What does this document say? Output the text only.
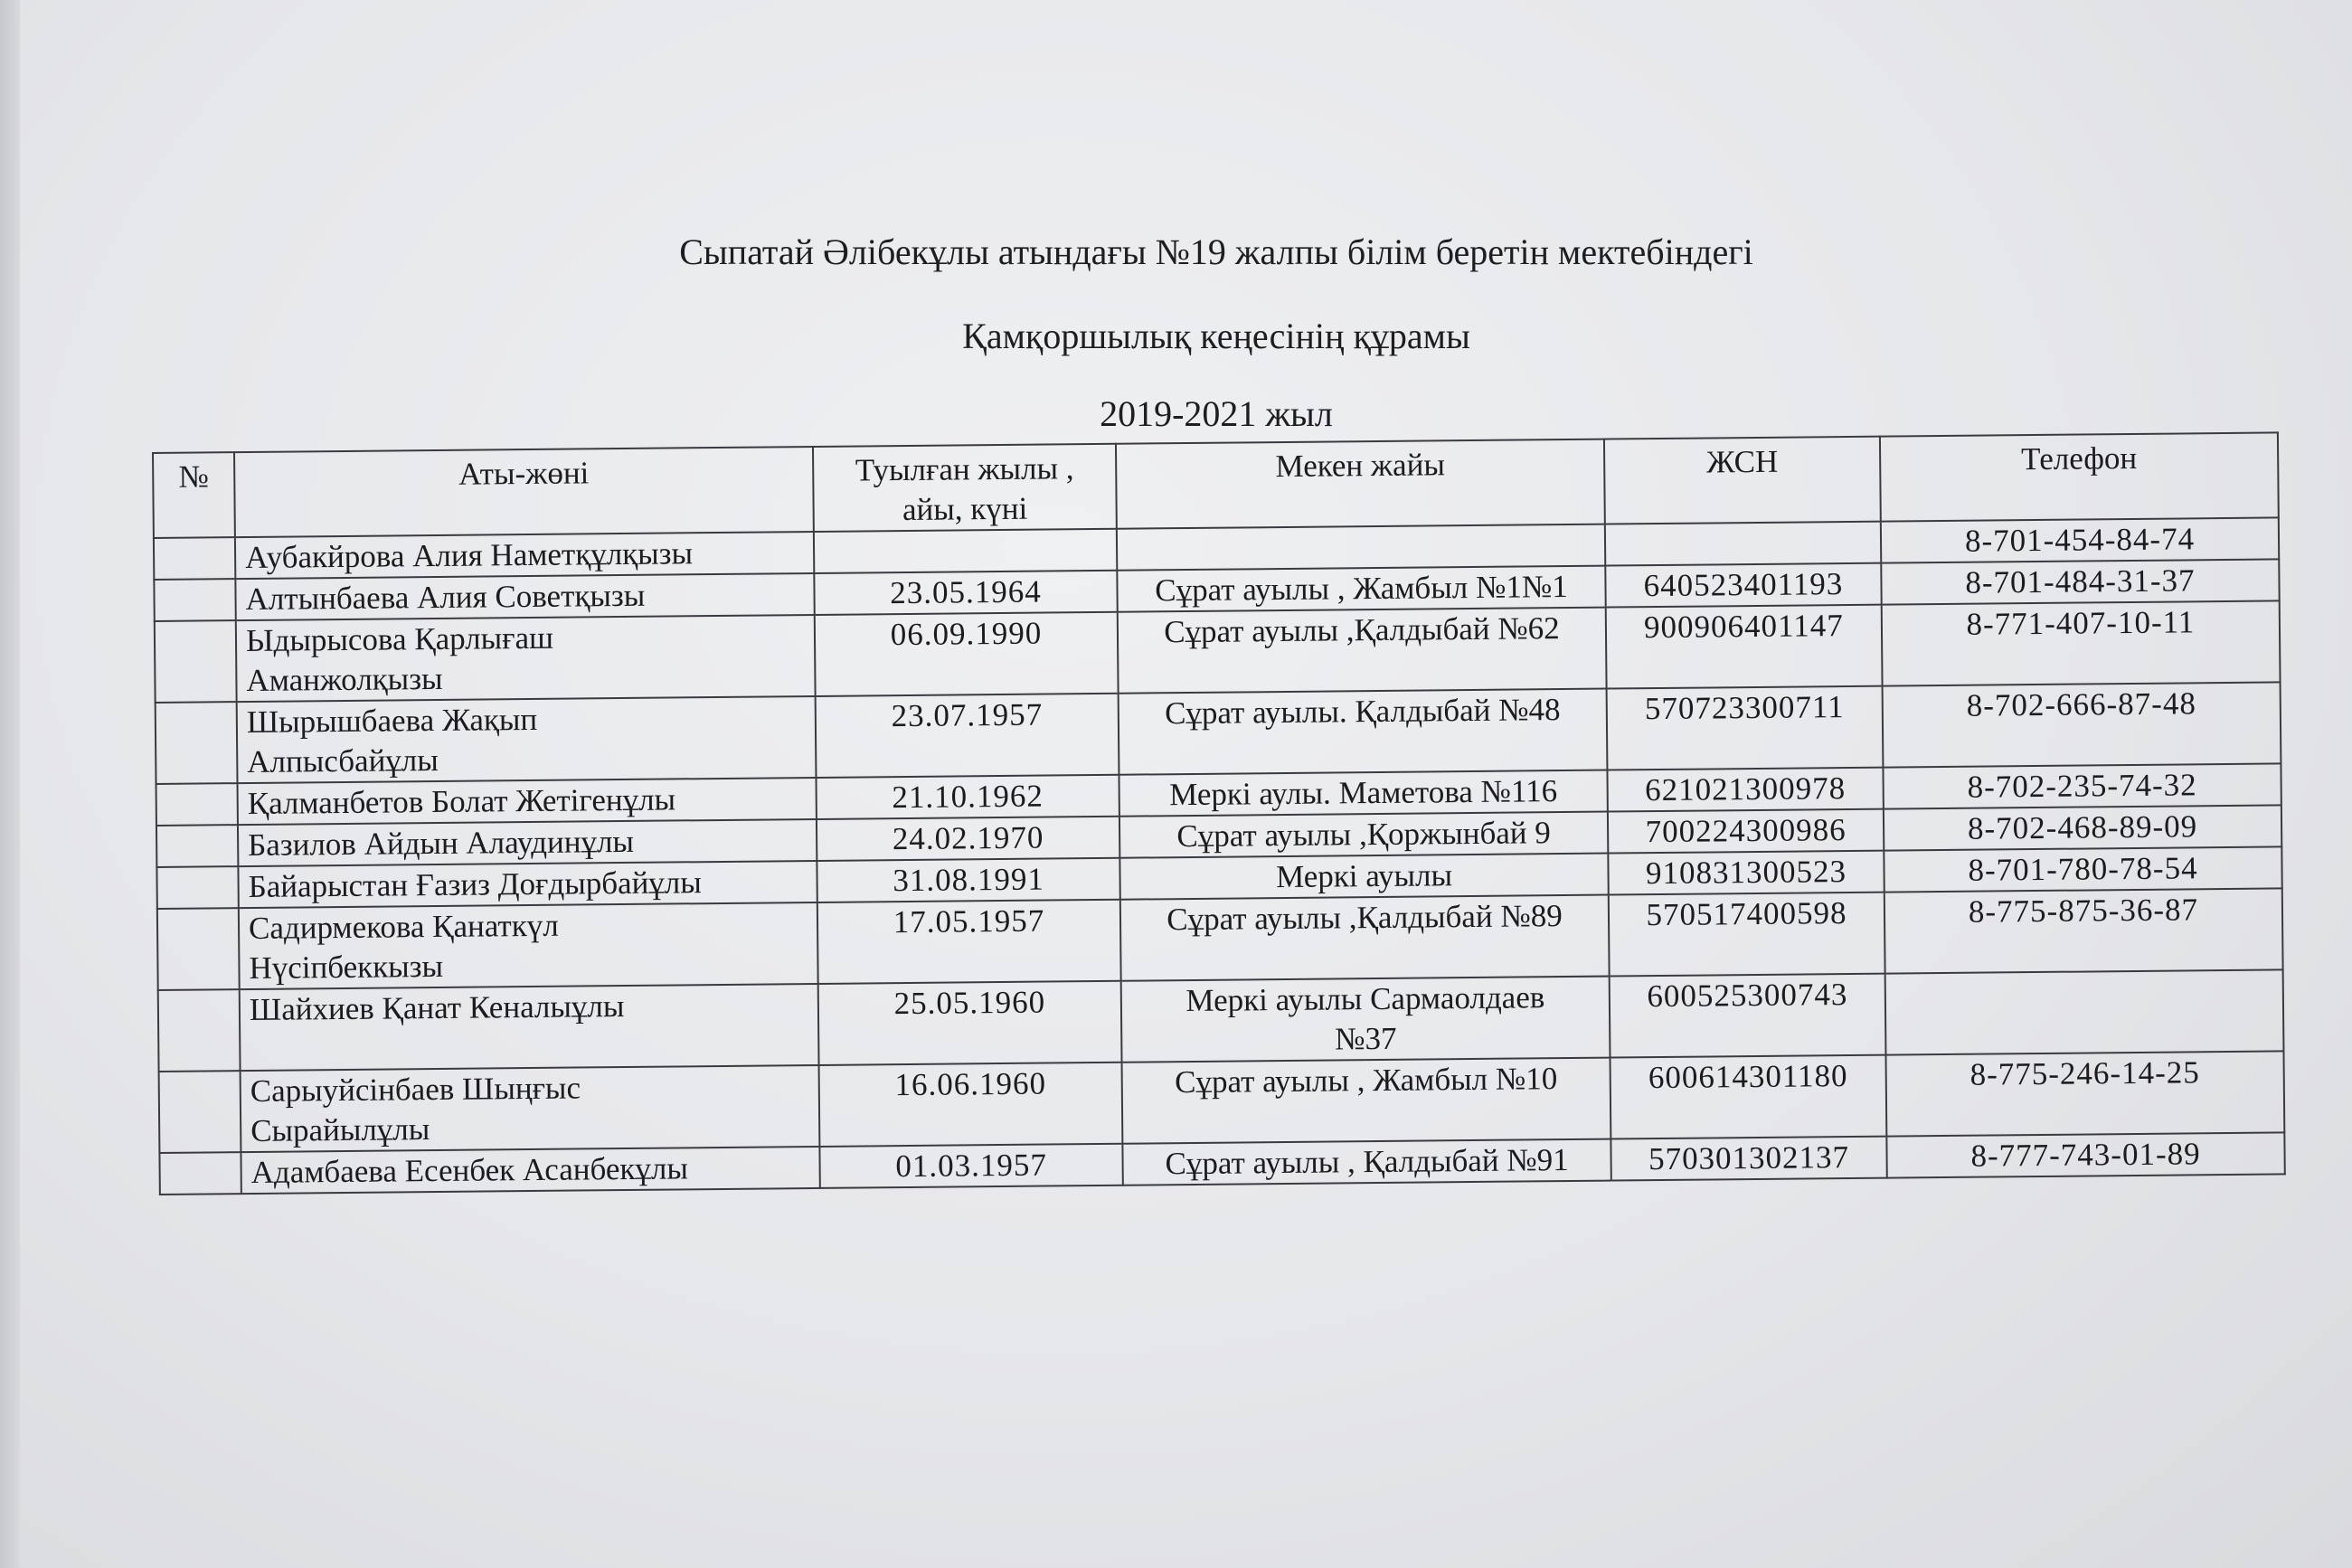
Сыпатай Әлібекұлы атындағы №19 жалпы білім беретін мектебіндегі
Қамқоршылық кеңесінің құрамы
2019-2021 жыл
№	Аты-жөні	Туылған жылы ,
айы, күні	Мекен жайы	ЖСН	Телефон

	Аубакйрова Алия Наметқұлқызы				8-701-454-84-74

	Алтынбаева Алия Советқызы	23.05.1964	Сұрат ауылы , Жамбыл №1№1	640523401193	8-701-484-31-37

	Ыдырысова Қарлығаш
Аманжолқызы	06.09.1990	Сұрат ауылы ,Қалдыбай №62	900906401147	8-771-407-10-11

	Шырышбаева Жақып
Алпысбайұлы	23.07.1957	Сұрат ауылы. Қалдыбай №48	570723300711	8-702-666-87-48

	Қалманбетов Болат Жетігенұлы	21.10.1962	Меркі аулы. Маметова №116	621021300978	8-702-235-74-32

	Базилов Айдын Алаудинұлы	24.02.1970	Сұрат ауылы ,Қоржынбай 9	700224300986	8-702-468-89-09

	Байарыстан Ғазиз Доғдырбайұлы	31.08.1991	Меркі ауылы	910831300523	8-701-780-78-54

	Садирмекова Қанаткүл
Нүсіпбеккызы	17.05.1957	Сұрат ауылы ,Қалдыбай №89	570517400598	8-775-875-36-87

	Шайхиев Қанат Кеналыұлы	25.05.1960	Меркі ауылы Сармаолдаев
№37	600525300743	

	Сарыуйсінбаев Шыңғыс
Сырайылұлы	16.06.1960	Сұрат ауылы , Жамбыл №10	600614301180	8-775-246-14-25

	Адамбаева Есенбек Асанбекұлы	01.03.1957	Сұрат ауылы , Қалдыбай №91	570301302137	8-777-743-01-89
